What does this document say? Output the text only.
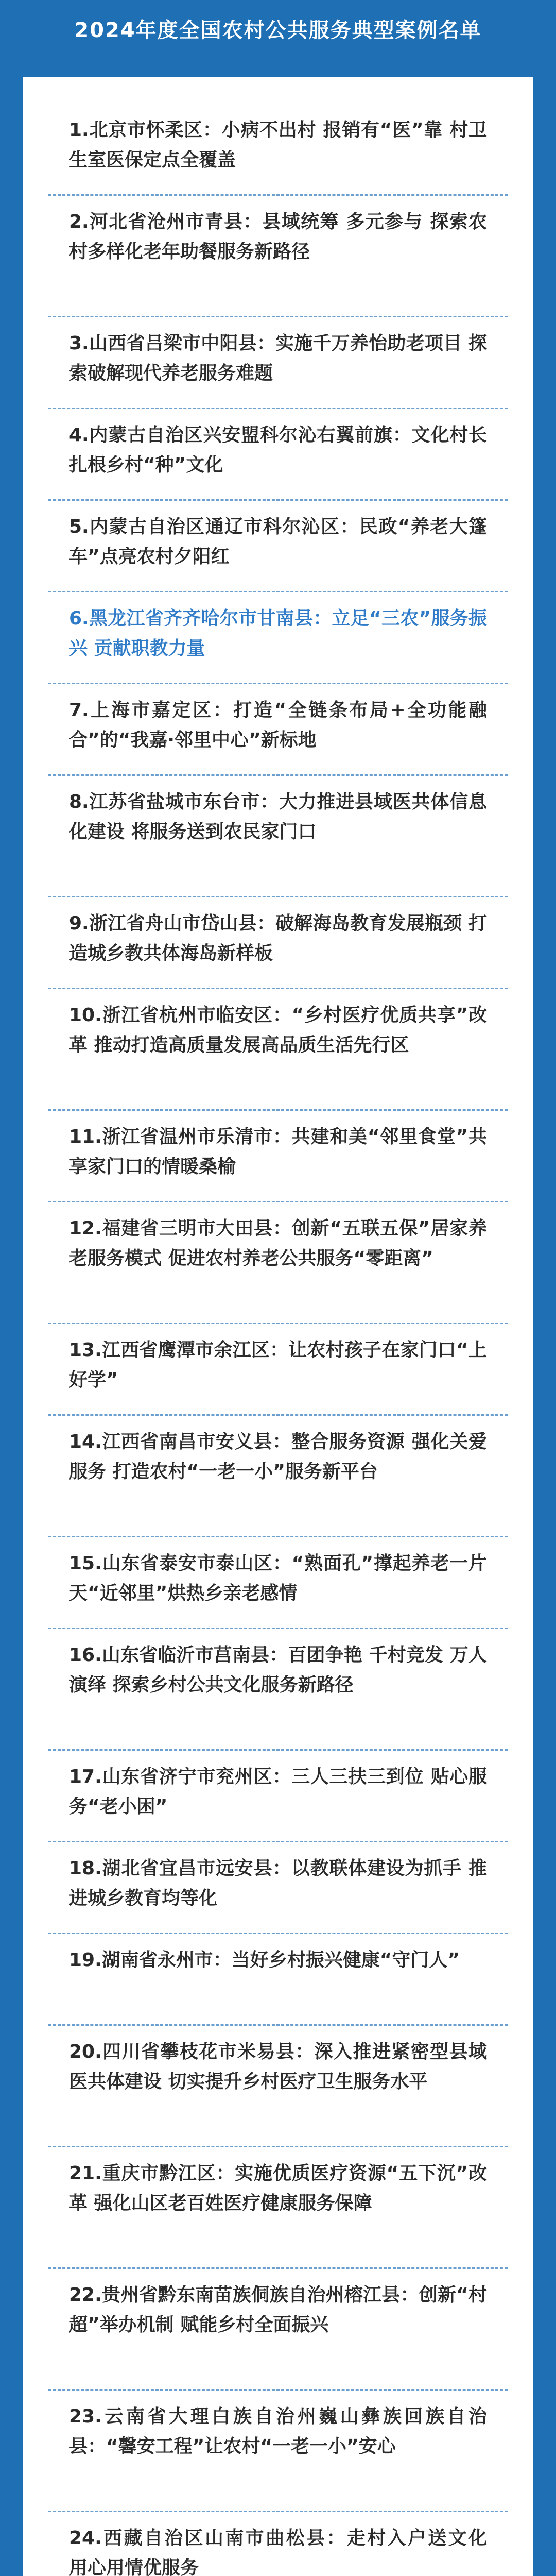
2024年度全国农村公共服务典型案例名单
1.北京市怀柔区：小病不出村 报销有“医”靠 村卫生室医保定点全覆盖
2.河北省沧州市青县：县域统筹 多元参与 探索农村多样化老年助餐服务新路径
3.山西省吕梁市中阳县：实施千万养怡助老项目 探索破解现代养老服务难题
4.内蒙古自治区兴安盟科尔沁右翼前旗：文化村长扎根乡村“种”文化
5.内蒙古自治区通辽市科尔沁区：民政“养老大篷车”点亮农村夕阳红
6.黑龙江省齐齐哈尔市甘南县：立足“三农”服务振兴 贡献职教力量
7.上海市嘉定区：打造“全链条布局+全功能融合”的“我嘉·邻里中心”新标地
8.江苏省盐城市东台市：大力推进县域医共体信息化建设 将服务送到农民家门口
9.浙江省舟山市岱山县：破解海岛教育发展瓶颈 打造城乡教共体海岛新样板
10.浙江省杭州市临安区：“乡村医疗优质共享”改革 推动打造高质量发展高品质生活先行区
11.浙江省温州市乐清市：共建和美“邻里食堂”共享家门口的情暖桑榆
12.福建省三明市大田县：创新“五联五保”居家养老服务模式 促进农村养老公共服务“零距离”
13.江西省鹰潭市余江区：让农村孩子在家门口“上好学”
14.江西省南昌市安义县：整合服务资源 强化关爱服务 打造农村“一老一小”服务新平台
15.山东省泰安市泰山区：“熟面孔”撑起养老一片天“近邻里”烘热乡亲老感情
16.山东省临沂市莒南县：百团争艳 千村竞发 万人演绎 探索乡村公共文化服务新路径
17.山东省济宁市兖州区：三人三扶三到位 贴心服务“老小困”
18.湖北省宜昌市远安县：以教联体建设为抓手 推进城乡教育均等化
19.湖南省永州市：当好乡村振兴健康“守门人”
20.四川省攀枝花市米易县：深入推进紧密型县域医共体建设 切实提升乡村医疗卫生服务水平
21.重庆市黔江区：实施优质医疗资源“五下沉”改革 强化山区老百姓医疗健康服务保障
22.贵州省黔东南苗族侗族自治州榕江县：创新“村超”举办机制 赋能乡村全面振兴
23.云南省大理白族自治州巍山彝族回族自治县：“馨安工程”让农村“一老一小”安心
24.西藏自治区山南市曲松县：走村入户送文化　用心用情优服务
